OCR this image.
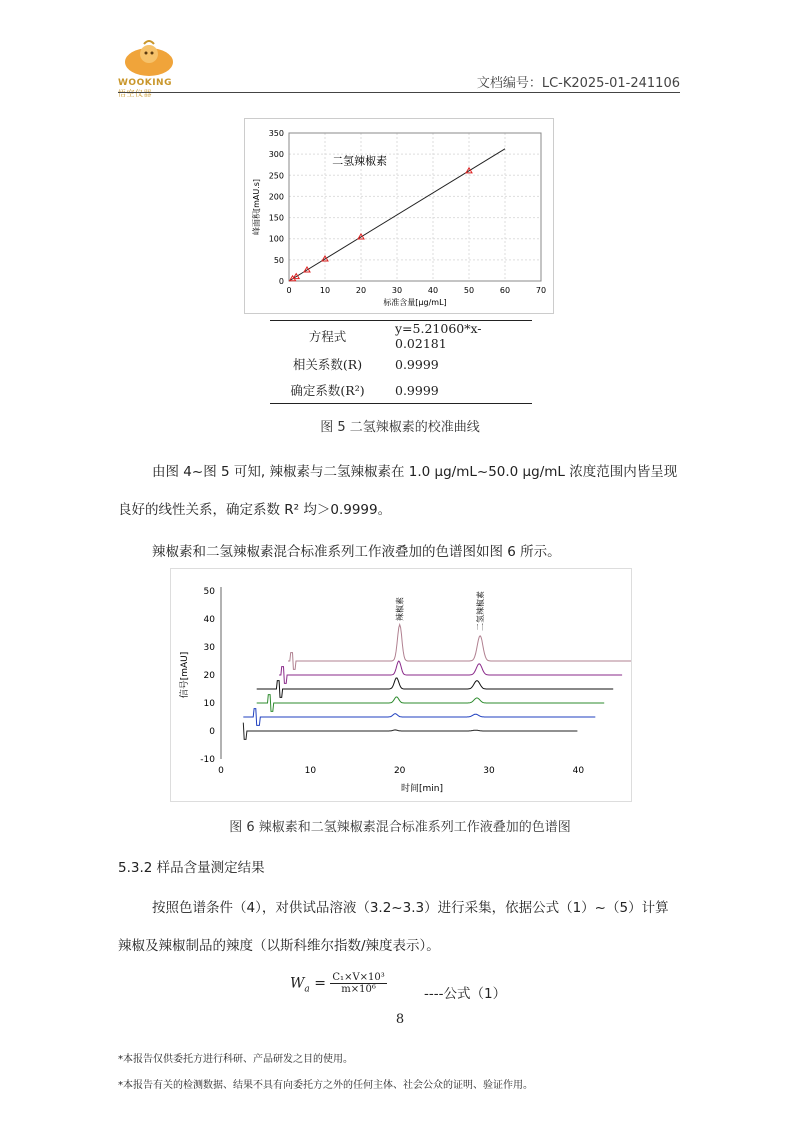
WOOKING
悟空仪器
文档编号：LC-K2025-01-241106
0	10	20	30	40	50	60	70
0
50
100
150
200
250
300
350
二氢辣椒素
标准含量[μg/mL]
峰面积[mAU.s]
方程式	y=5.21060*x-0.02181
相关系数(R)	0.9999
确定系数(R²)	0.9999
图 5 二氢辣椒素的校准曲线
由图 4~图 5 可知, 辣椒素与二氢辣椒素在 1.0 μg/mL~50.0 μg/mL 浓度范围内皆呈现
良好的线性关系，确定系数 R² 均＞0.9999。
辣椒素和二氢辣椒素混合标准系列工作液叠加的色谱图如图 6 所示。
-10
0
10
20
30
40
50
0	10	20	30	40
时间[min]
信号[mAU]
辣椒素	二氢辣椒素
图 6 辣椒素和二氢辣椒素混合标准系列工作液叠加的色谱图
5.3.2 样品含量测定结果
按照色谱条件（4），对供试品溶液（3.2~3.3）进行采集，依据公式（1）~（5）计算
辣椒及辣椒制品的辣度（以斯科维尔指数/辣度表示）。
$W_a = \frac{\text{C₁×V×10³}}{\text{m×10⁶}}$	----公式（1）
8
*本报告仅供委托方进行科研、产品研发之目的使用。
*本报告有关的检测数据、结果不具有向委托方之外的任何主体、社会公众的证明、验证作用。
